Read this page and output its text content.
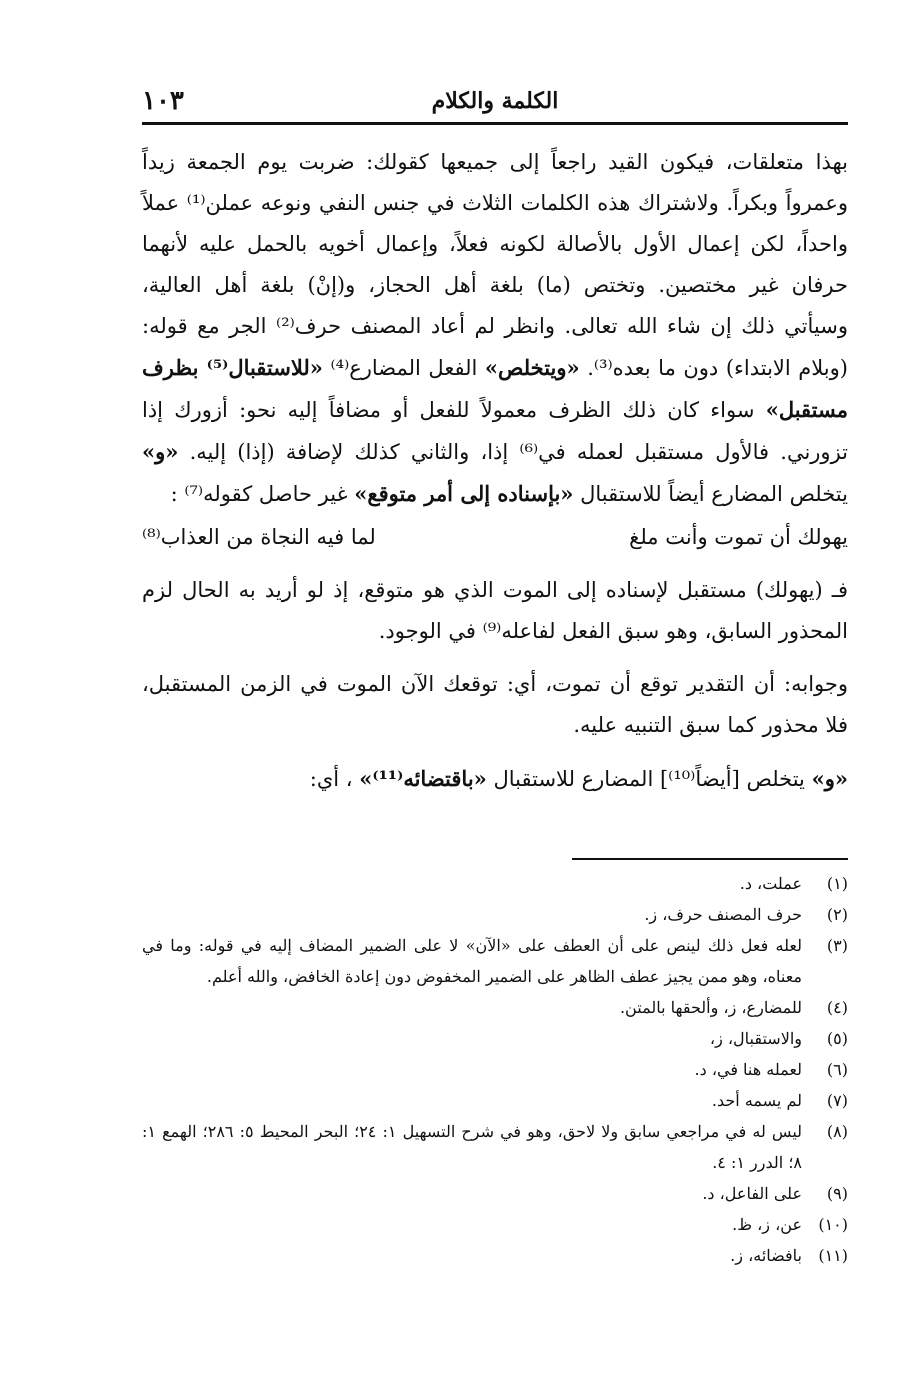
الكلمة والكلام
١٠٣

بهذا متعلقات، فيكون القيد راجعاً إلى جميعها كقولك: ضربت يوم الجمعة زيداً وعمرواً وبكراً. ولاشتراك هذه الكلمات الثلاث في جنس النفي ونوعه عملن⁽¹⁾ عملاً واحداً، لكن إعمال الأول بالأصالة لكونه فعلاً، وإعمال أخويه بالحمل عليه لأنهما حرفان غير مختصين. وتختص (ما) بلغة أهل الحجاز، و(إنْ) بلغة أهل العالية، وسيأتي ذلك إن شاء الله تعالى. وانظر لم أعاد المصنف حرف⁽²⁾ الجر مع قوله: (وبلام الابتداء) دون ما بعده⁽³⁾. «ويتخلص» الفعل المضارع⁽⁴⁾ «للاستقبال⁽⁵⁾ بظرف مستقبل» سواء كان ذلك الظرف معمولاً للفعل أو مضافاً إليه نحو: أزورك إذا تزورني. فالأول مستقبل لعمله في⁽⁶⁾ إذا، والثاني كذلك لإضافة (إذا) إليه. «و» يتخلص المضارع أيضاً للاستقبال «بإسناده إلى أمر متوقع» غير حاصل كقوله⁽⁷⁾ :

يهولك أن تموت وأنت ملغ
لما فيه النجاة من العذاب⁽⁸⁾

فـ (يهولك) مستقبل لإسناده إلى الموت الذي هو متوقع، إذ لو أريد به الحال لزم المحذور السابق، وهو سبق الفعل لفاعله⁽⁹⁾ في الوجود.

وجوابه: أن التقدير توقع أن تموت، أي: توقعك الآن الموت في الزمن المستقبل، فلا محذور كما سبق التنبيه عليه.

«و» يتخلص [أيضاً⁽¹⁰⁾] المضارع للاستقبال «باقتضائه⁽¹¹⁾» ، أي:

(١)
عملت، د.
(٢)
حرف المصنف حرف، ز.
(٣)
لعله فعل ذلك لينص على أن العطف على «الآن» لا على الضمير المضاف إليه في قوله: وما في معناه، وهو ممن يجيز عطف الظاهر على الضمير المخفوض دون إعادة الخافض، والله أعلم.
(٤)
للمضارع، ز، وألحقها بالمتن.
(٥)
والاستقبال، ز،
(٦)
لعمله هنا في، د.
(٧)
لم يسمه أحد.
(٨)
ليس له في مراجعي سابق ولا لاحق، وهو في شرح التسهيل ١: ٢٤؛ البحر المحيط ٥: ٢٨٦؛ الهمع ١: ٨؛ الدرر ١: ٤.
(٩)
على الفاعل، د.
(١٠)
عن، ز، ظ.
(١١)
بافضائه، ز.
